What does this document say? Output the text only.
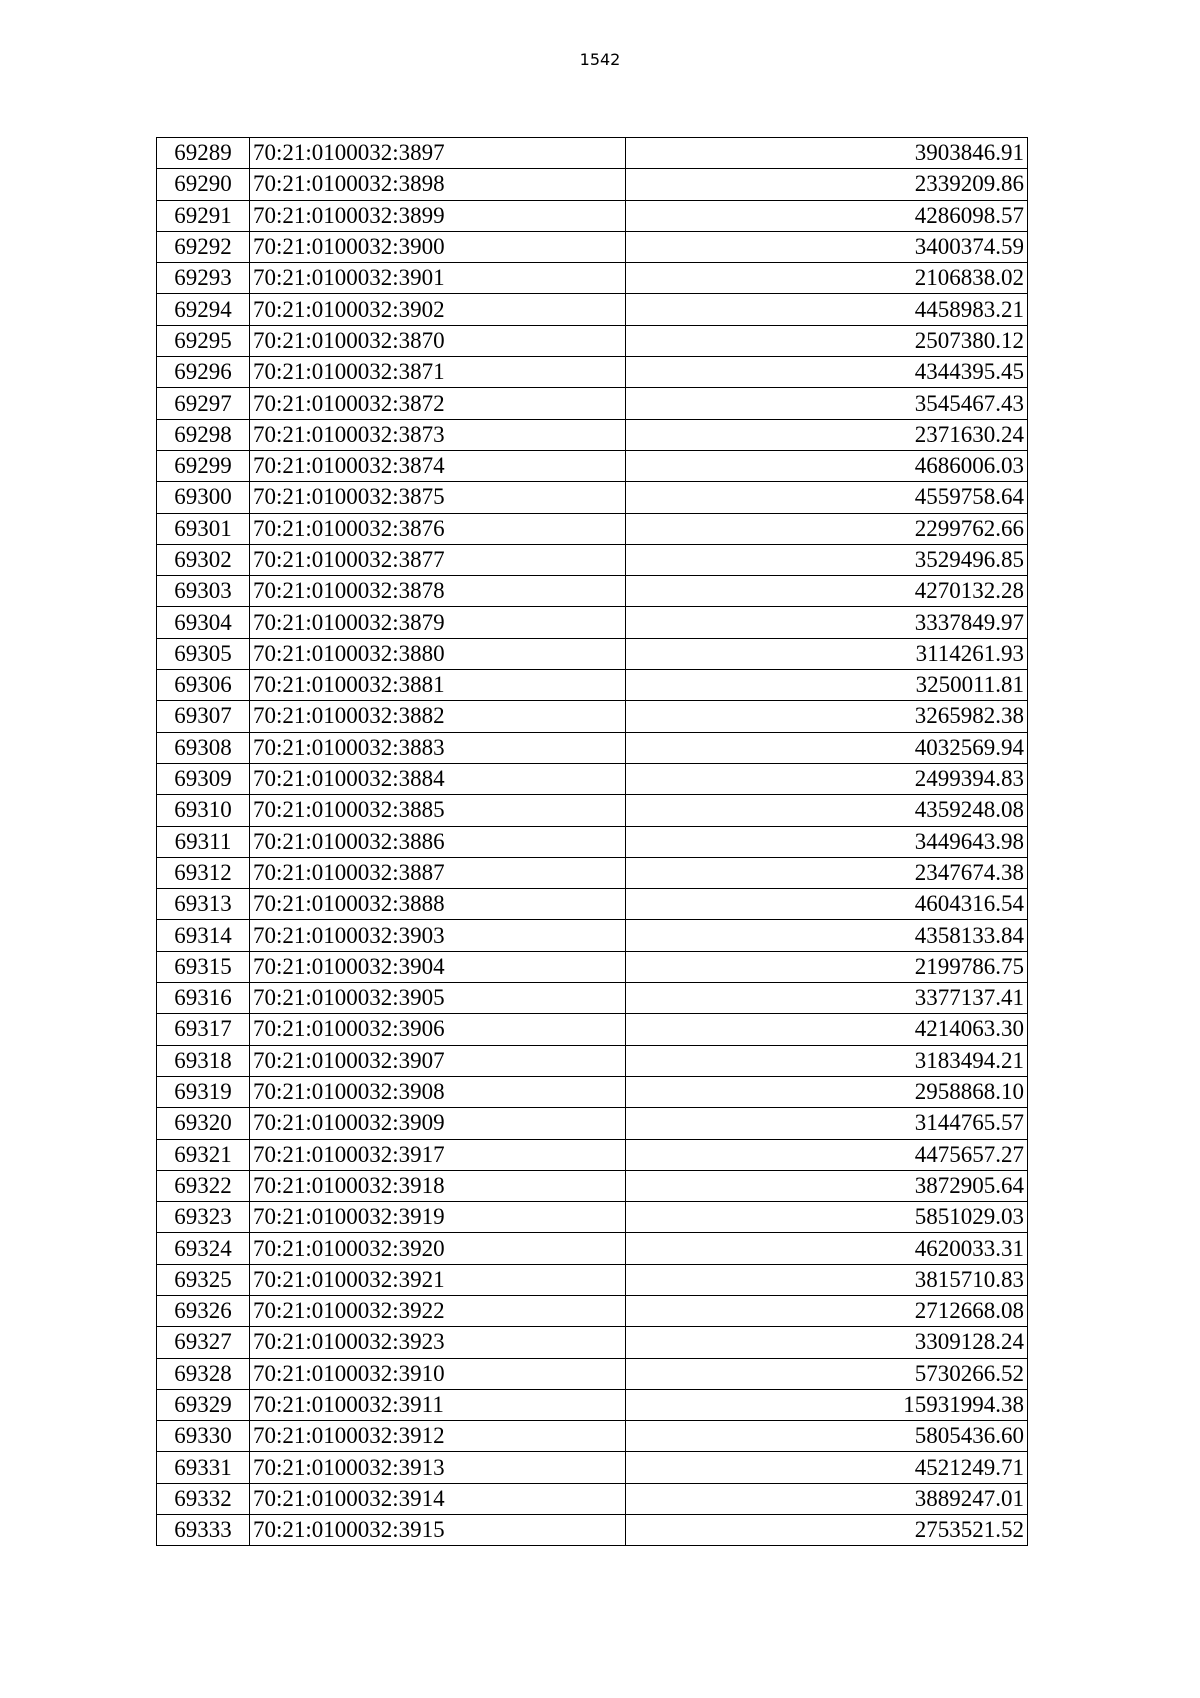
1542
69289	70:21:0100032:3897	3903846.91
69290	70:21:0100032:3898	2339209.86
69291	70:21:0100032:3899	4286098.57
69292	70:21:0100032:3900	3400374.59
69293	70:21:0100032:3901	2106838.02
69294	70:21:0100032:3902	4458983.21
69295	70:21:0100032:3870	2507380.12
69296	70:21:0100032:3871	4344395.45
69297	70:21:0100032:3872	3545467.43
69298	70:21:0100032:3873	2371630.24
69299	70:21:0100032:3874	4686006.03
69300	70:21:0100032:3875	4559758.64
69301	70:21:0100032:3876	2299762.66
69302	70:21:0100032:3877	3529496.85
69303	70:21:0100032:3878	4270132.28
69304	70:21:0100032:3879	3337849.97
69305	70:21:0100032:3880	3114261.93
69306	70:21:0100032:3881	3250011.81
69307	70:21:0100032:3882	3265982.38
69308	70:21:0100032:3883	4032569.94
69309	70:21:0100032:3884	2499394.83
69310	70:21:0100032:3885	4359248.08
69311	70:21:0100032:3886	3449643.98
69312	70:21:0100032:3887	2347674.38
69313	70:21:0100032:3888	4604316.54
69314	70:21:0100032:3903	4358133.84
69315	70:21:0100032:3904	2199786.75
69316	70:21:0100032:3905	3377137.41
69317	70:21:0100032:3906	4214063.30
69318	70:21:0100032:3907	3183494.21
69319	70:21:0100032:3908	2958868.10
69320	70:21:0100032:3909	3144765.57
69321	70:21:0100032:3917	4475657.27
69322	70:21:0100032:3918	3872905.64
69323	70:21:0100032:3919	5851029.03
69324	70:21:0100032:3920	4620033.31
69325	70:21:0100032:3921	3815710.83
69326	70:21:0100032:3922	2712668.08
69327	70:21:0100032:3923	3309128.24
69328	70:21:0100032:3910	5730266.52
69329	70:21:0100032:3911	15931994.38
69330	70:21:0100032:3912	5805436.60
69331	70:21:0100032:3913	4521249.71
69332	70:21:0100032:3914	3889247.01
69333	70:21:0100032:3915	2753521.52
